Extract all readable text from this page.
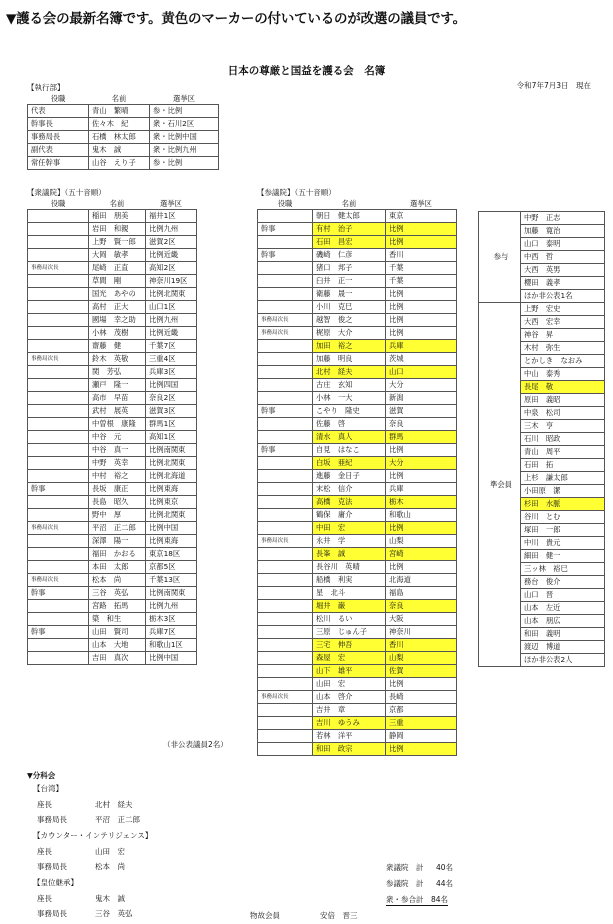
▼護る会の最新名簿です。黄色のマーカーの付いているのが改選の議員です。
日本の尊厳と国益を護る会　名簿
令和7年7月3日　現在
【執行部】
役職	名前	選挙区
代表	青山　繁晴	参・比例
幹事長	佐々木　紀	衆・石川2区
事務局長	石橋　林太郎	衆・比例中国
副代表	鬼木　誠	衆・比例九州
常任幹事	山谷　えり子	参・比例
【衆議院】（五十音順）
役職	名前	選挙区
	稲田　朋美	福井1区
	岩田　和親	比例九州
	上野　賢一郎	滋賀2区
	大岡　敏孝	比例近畿
事務局次長	尾崎　正直	高知2区
	草間　剛	神奈川19区
	国光　あやの	比例北関東
	高村　正大	山口1区
	國場　幸之助	比例九州
	小林　茂樹	比例近畿
	齋藤　健	千葉7区
事務局次長	鈴木　英敬	三重4区
	関　芳弘	兵庫3区
	瀬戸　隆一	比例四国
	高市　早苗	奈良2区
	武村　展英	滋賀3区
	中曽根　康隆	群馬1区
	中谷　元	高知1区
	中谷　真一	比例南関東
	中野　英幸	比例北関東
	中村　裕之	比例北海道
幹事	長坂　康正	比例東海
	長島　昭久	比例東京
	野中　厚	比例北関東
事務局次長	平沼　正二郎	比例中国
	深澤　陽一	比例東海
	福田　かおる	東京18区
	本田　太郎	京都5区
事務局次長	松本　尚	千葉13区
幹事	三谷　英弘	比例南関東
	宮路　拓馬	比例九州
	簗　和生	栃木3区
幹事	山田　賢司	兵庫7区
	山本　大地	和歌山1区
	吉田　真次	比例中国
（非公表議員2名）
【参議院】（五十音順）
役職	名前	選挙区
	朝日　健太郎	東京
幹事	有村　治子	比例
	石田　昌宏	比例
幹事	磯崎　仁彦	香川
	猪口　邦子	千葉
	臼井　正一	千葉
	衛藤　晟一	比例
	小川　克巳	比例
事務局次長	越智　俊之	比例
事務局次長	梶原　大介	比例
	加田　裕之	兵庫
	加藤　明良	茨城
	北村　経夫	山口
	古庄　玄知	大分
	小林　一大	新潟
幹事	こやり　隆史	滋賀
	佐藤　啓	奈良
	清水　真人	群馬
幹事	自見　はなこ	比例
	白坂　亜紀	大分
	進藤　金日子	比例
	末松　信介	兵庫
	高橋　克法	栃木
	鶴保　庸介	和歌山
	中田　宏	比例
事務局次長	永井　学	山梨
	長峯　誠	宮崎
	長谷川　英晴	比例
	船橋　利実	北海道
	星　北斗	福島
	堀井　巌	奈良
	松川　るい	大阪
	三原　じゅん子	神奈川
	三宅　伸吾	香川
	森屋　宏	山梨
	山下　雄平	佐賀
	山田　宏	比例
事務局次長	山本　啓介	長崎
	吉井　章	京都
	吉川　ゆうみ	三重
	若林　洋平	静岡
	和田　政宗	比例
参与	中野　正志
	加藤　寛治
	山口　泰明
	中西　哲
	大西　英男
	櫻田　義孝
	ほか非公表1名
準会員	上野　宏史
	大西　宏幸
	神谷　昇
	木村　弥生
	とかしき　なおみ
	中山　泰秀
	長尾　敬
	原田　義昭
	中泉　松司
	三木　亨
	石川　昭政
	青山　周平
	石田　拓
	上杉　謙太郎
	小田原　潔
	杉田　水脈
	谷川　とむ
	塚田　一郎
	中川　貴元
	細田　健一
	三ッ林　裕巳
	務台　俊介
	山口　晋
	山本　左近
	山本　朋広
	和田　義明
	渡辺　博道
	ほか非公表2人
▼分科会
【台湾】
座長	北村　経夫
事務局長	平沼　正二郎
【カウンター・インテリジェンス】
座長	山田　宏
事務局長	松本　尚
【皇位継承】
座長	鬼木　誠
事務局長	三谷　英弘
衆議院　計 40名
参議院　計 44名
衆・参合計　 84名
物故会員	安倍　晋三
